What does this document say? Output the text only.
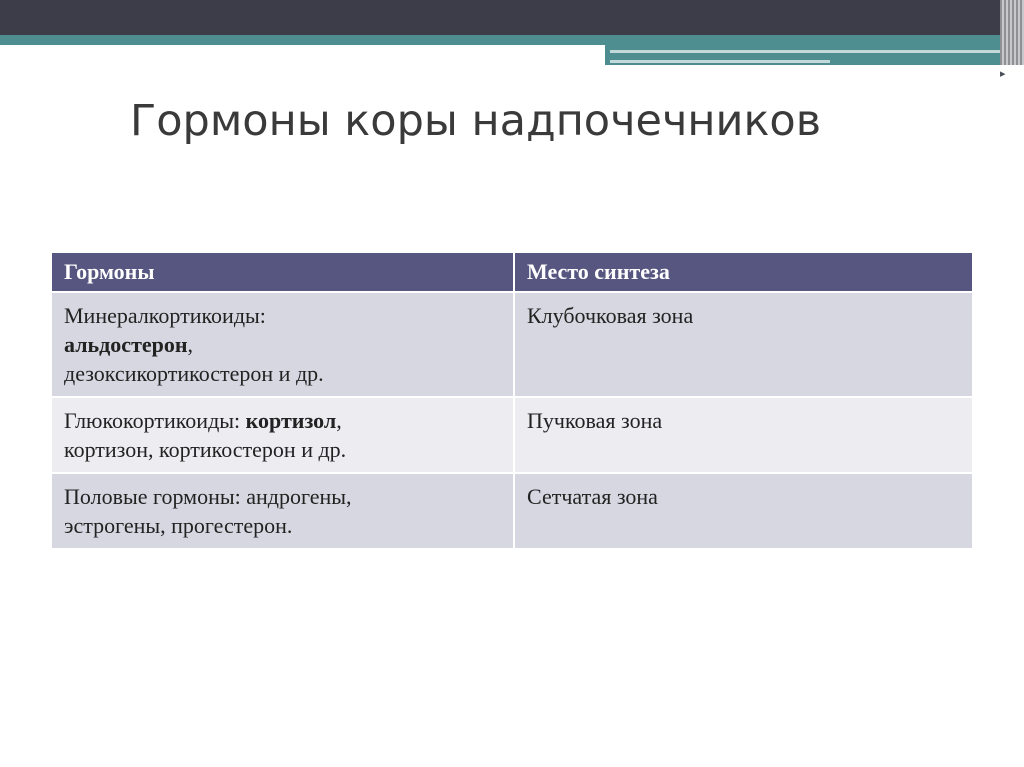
▸
Гормоны коры надпочечников
Гормоны	Место синтеза
Минералкортикоиды:
альдостерон,
дезоксикортикостерон и др.	Клубочковая зона
Глюкокортикоиды: кортизол,
кортизон, кортикостерон и др.	Пучковая зона
Половые гормоны: андрогены,
эстрогены, прогестерон.	Сетчатая зона
